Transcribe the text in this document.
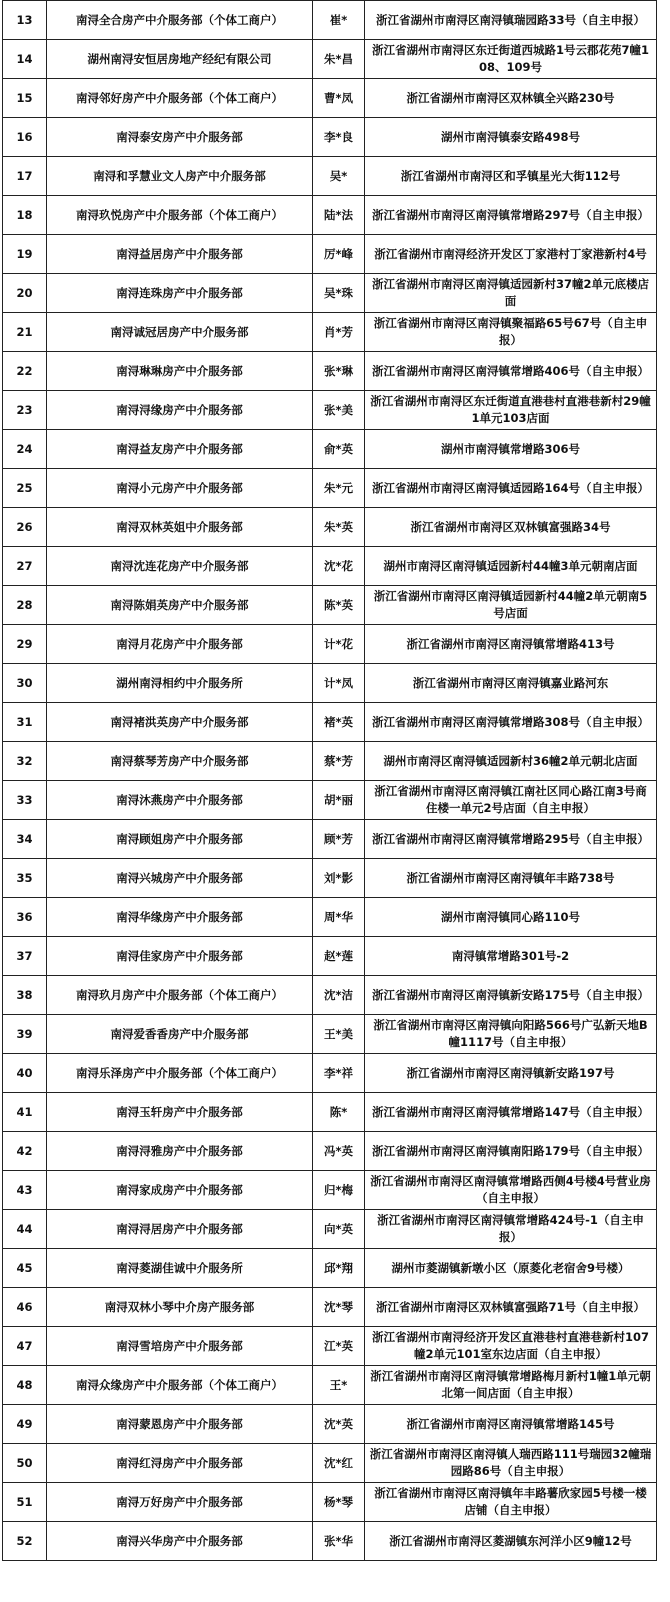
13	南浔全合房产中介服务部（个体工商户）	崔*	浙江省湖州市南浔区南浔镇瑞园路33号（自主申报）
14	湖州南浔安恒居房地产经纪有限公司	朱*昌	浙江省湖州市南浔区东迁街道西城路1号云郡花苑7幢108、109号
15	南浔邻好房产中介服务部（个体工商户）	曹*凤	浙江省湖州市南浔区双林镇全兴路230号
16	南浔泰安房产中介服务部	李*良	湖州市南浔镇泰安路498号
17	南浔和孚慧业文人房产中介服务部	吴*	浙江省湖州市南浔区和孚镇星光大街112号
18	南浔玖悦房产中介服务部（个体工商户）	陆*法	浙江省湖州市南浔区南浔镇常增路297号（自主申报）
19	南浔益居房产中介服务部	厉*峰	浙江省湖州市南浔经济开发区丁家港村丁家港新村4号
20	南浔连珠房产中介服务部	吴*珠	浙江省湖州市南浔区南浔镇适园新村37幢2单元底楼店面
21	南浔诚冠居房产中介服务部	肖*芳	浙江省湖州市南浔区南浔镇聚福路65号67号（自主申报）
22	南浔琳琳房产中介服务部	张*琳	浙江省湖州市南浔区南浔镇常增路406号（自主申报）
23	南浔浔缘房产中介服务部	张*美	浙江省湖州市南浔区东迁街道直港巷村直港巷新村29幢1单元103店面
24	南浔益友房产中介服务部	俞*英	湖州市南浔镇常增路306号
25	南浔小元房产中介服务部	朱*元	浙江省湖州市南浔区南浔镇适园路164号（自主申报）
26	南浔双林英姐中介服务部	朱*英	浙江省湖州市南浔区双林镇富强路34号
27	南浔沈连花房产中介服务部	沈*花	湖州市南浔区南浔镇适园新村44幢3单元朝南店面
28	南浔陈娟英房产中介服务部	陈*英	浙江省湖州市南浔区南浔镇适园新村44幢2单元朝南5号店面
29	南浔月花房产中介服务部	计*花	浙江省湖州市南浔区南浔镇常增路413号
30	湖州南浔相约中介服务所	计*凤	浙江省湖州市南浔区南浔镇嘉业路河东
31	南浔褚洪英房产中介服务部	褚*英	浙江省湖州市南浔区南浔镇常增路308号（自主申报）
32	南浔蔡琴芳房产中介服务部	蔡*芳	湖州市南浔区南浔镇适园新村36幢2单元朝北店面
33	南浔沐燕房产中介服务部	胡*丽	浙江省湖州市南浔区南浔镇江南社区同心路江南3号商住楼一单元2号店面（自主申报）
34	南浔顾姐房产中介服务部	顾*芳	浙江省湖州市南浔区南浔镇常增路295号（自主申报）
35	南浔兴城房产中介服务部	刘*影	浙江省湖州市南浔区南浔镇年丰路738号
36	南浔华缘房产中介服务部	周*华	湖州市南浔镇同心路110号
37	南浔佳家房产中介服务部	赵*莲	南浔镇常增路301号-2
38	南浔玖月房产中介服务部（个体工商户）	沈*洁	浙江省湖州市南浔区南浔镇新安路175号（自主申报）
39	南浔爱香香房产中介服务部	王*美	浙江省湖州市南浔区南浔镇向阳路566号广弘新天地B幢1117号（自主申报）
40	南浔乐泽房产中介服务部（个体工商户）	李*祥	浙江省湖州市南浔区南浔镇新安路197号
41	南浔玉轩房产中介服务部	陈*	浙江省湖州市南浔区南浔镇常增路147号（自主申报）
42	南浔浔雅房产中介服务部	冯*英	浙江省湖州市南浔区南浔镇南阳路179号（自主申报）
43	南浔家成房产中介服务部	归*梅	浙江省湖州市南浔区南浔镇常增路西侧4号楼4号营业房（自主申报）
44	南浔浔居房产中介服务部	向*英	浙江省湖州市南浔区南浔镇常增路424号-1（自主申报）
45	南浔菱湖佳诚中介服务所	邱*翔	湖州市菱湖镇新墩小区（原菱化老宿舍9号楼）
46	南浔双林小琴中介房产服务部	沈*琴	浙江省湖州市南浔区双林镇富强路71号（自主申报）
47	南浔雪培房产中介服务部	江*英	浙江省湖州市南浔经济开发区直港巷村直港巷新村107幢2单元101室东边店面（自主申报）
48	南浔众缘房产中介服务部（个体工商户）	王*	浙江省湖州市南浔区南浔镇常增路梅月新村1幢1单元朝北第一间店面（自主申报）
49	南浔蒙恩房产中介服务部	沈*英	浙江省湖州市南浔区南浔镇常增路145号
50	南浔红浔房产中介服务部	沈*红	浙江省湖州市南浔区南浔镇人瑞西路111号瑞园32幢瑞园路86号（自主申报）
51	南浔万好房产中介服务部	杨*琴	浙江省湖州市南浔区南浔镇年丰路薯欣家园5号楼一楼店铺（自主申报）
52	南浔兴华房产中介服务部	张*华	浙江省湖州市南浔区菱湖镇东河洋小区9幢12号
